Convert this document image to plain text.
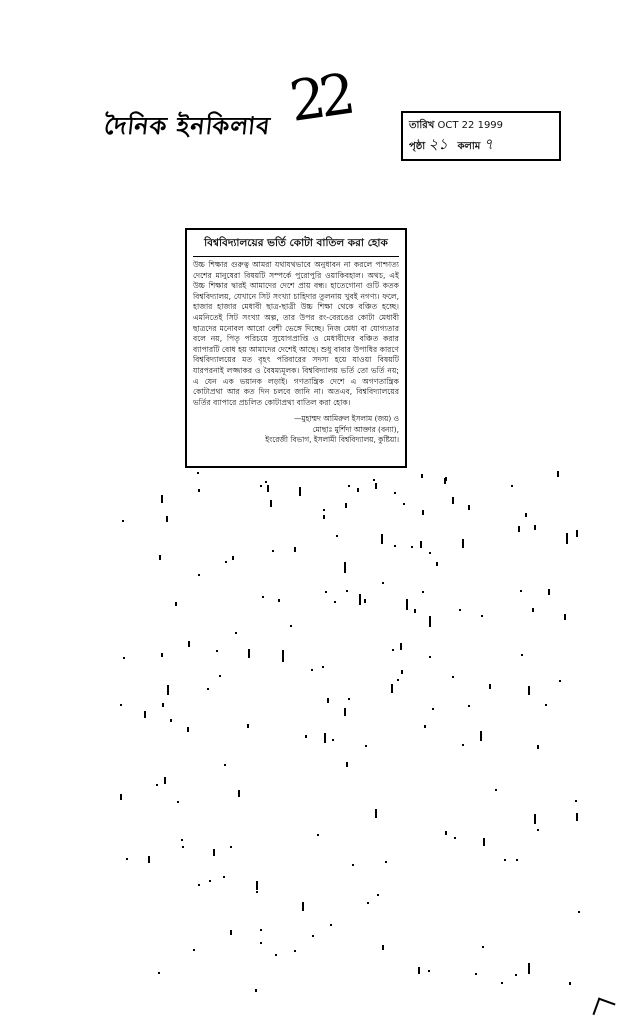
দৈনিক ইনকিলাব 22	তারিখ OCT 22 1999
পৃষ্ঠা ২১ কলাম ৭
বিশ্ববিদ্যালয়ের ভর্তি কোটা বাতিল করা হোক

উচ্চ শিক্ষার গুরুত্ব আমরা যথাযথভাবে অনুধাবন না করলে পাশ্চাত্য দেশের মানুষেরা বিষয়টি সম্পর্কে পুরোপুরি ওয়াকিবহাল। অথচ, এই উচ্চ শিক্ষার দ্বারই আমাদের দেশে প্রায় বন্ধ। হাতেগোনা গুটি কতক বিশ্ববিদ্যালয়, যেখানে সিট সংখ্যা চাহিদার তুলনায় খুবই নগণ্য। ফলে, হাজার হাজার মেধাবী ছাত্র-ছাত্রী উচ্চ শিক্ষা থেকে বঞ্চিত হচ্ছে। এমনিতেই সিট সংখ্যা অল্প, তার উপর রং-বেরঙের কোটা মেধাবী ছাত্রদের মনোবল আরো বেশী ভেঙ্গে দিচ্ছে। নিজ মেধা বা যোগ্যতার বলে নয়, পিতৃ পরিচয়ে সুযোগপ্রাপ্তি ও মেধাবীদের বঞ্চিত করার ব্যাপারটি বোধ হয় আমাদের দেশেই আছে। শুধু বাবার উপাধির কারণে বিশ্ববিদ্যালয়ের মত বৃহৎ পরিবারের সদস্য হয়ে যাওয়া বিষয়টি যারপরনাই লজ্জাকর ও বৈষম্যমূলক। বিশ্ববিদ্যালয় ভর্তি তো ভর্তি নয়; এ যেন এক ভয়ানক লড়াই। গণতান্ত্রিক দেশে এ অগণতান্ত্রিক কোটাপ্রথা আর কত দিন চলবে জানি না। অতএব, বিশ্ববিদ্যালয়ের ভর্তির ব্যাপারে প্রচলিত কোটাপ্রথা বাতিল করা হোক।

—মুহাম্মদ আমিরুল ইসলাম (জয়) ও
মোছাঃ মুর্শিদা আক্তার (বন্যা),
ইংরেজী বিভাগ, ইসলামী বিশ্ববিদ্যালয়, কুষ্টিয়া।
